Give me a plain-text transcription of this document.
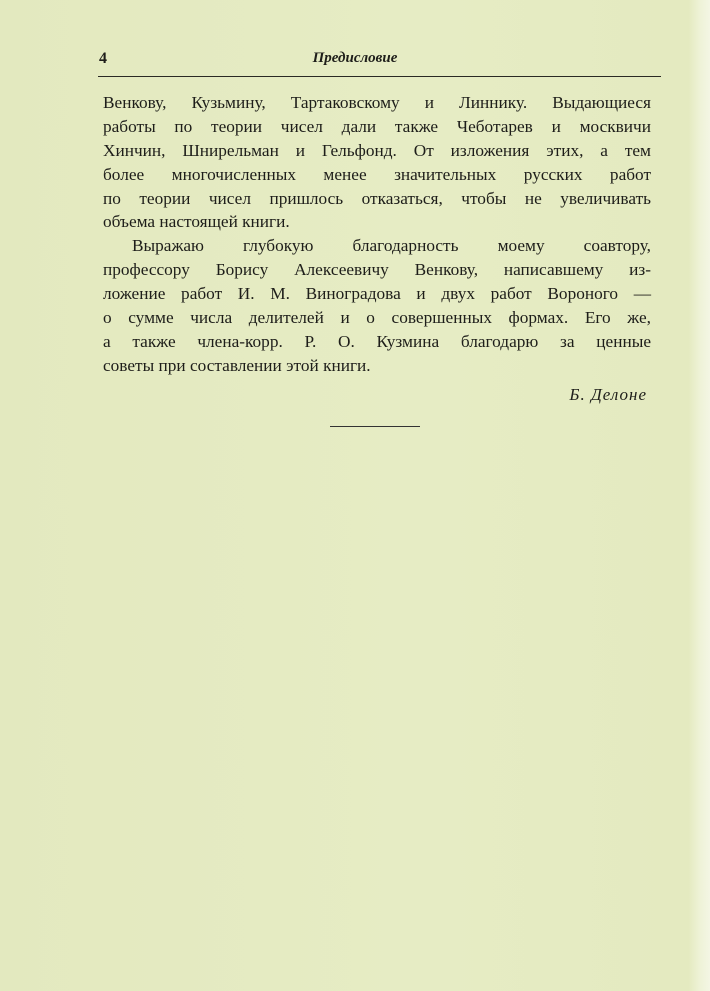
4	Предисловие
Венкову, Кузьмину, Тартаковскому и Линнику. Выдающиеся
работы по теории чисел дали также Чеботарев и москвичи
Хинчин, Шнирельман и Гельфонд. От изложения этих, а тем
более многочисленных менее значительных русских работ
по теории чисел пришлось отказаться, чтобы не увеличивать
объема настоящей книги.
Выражаю глубокую благодарность моему соавтору,
профессору Борису Алексеевичу Венкову, написавшему из-
ложение работ И. М. Виноградова и двух работ Вороного —
о сумме числа делителей и о совершенных формах. Его же,
а также члена-корр. Р. О. Кузмина благодарю за ценные
советы при составлении этой книги.
Б. Делоне
